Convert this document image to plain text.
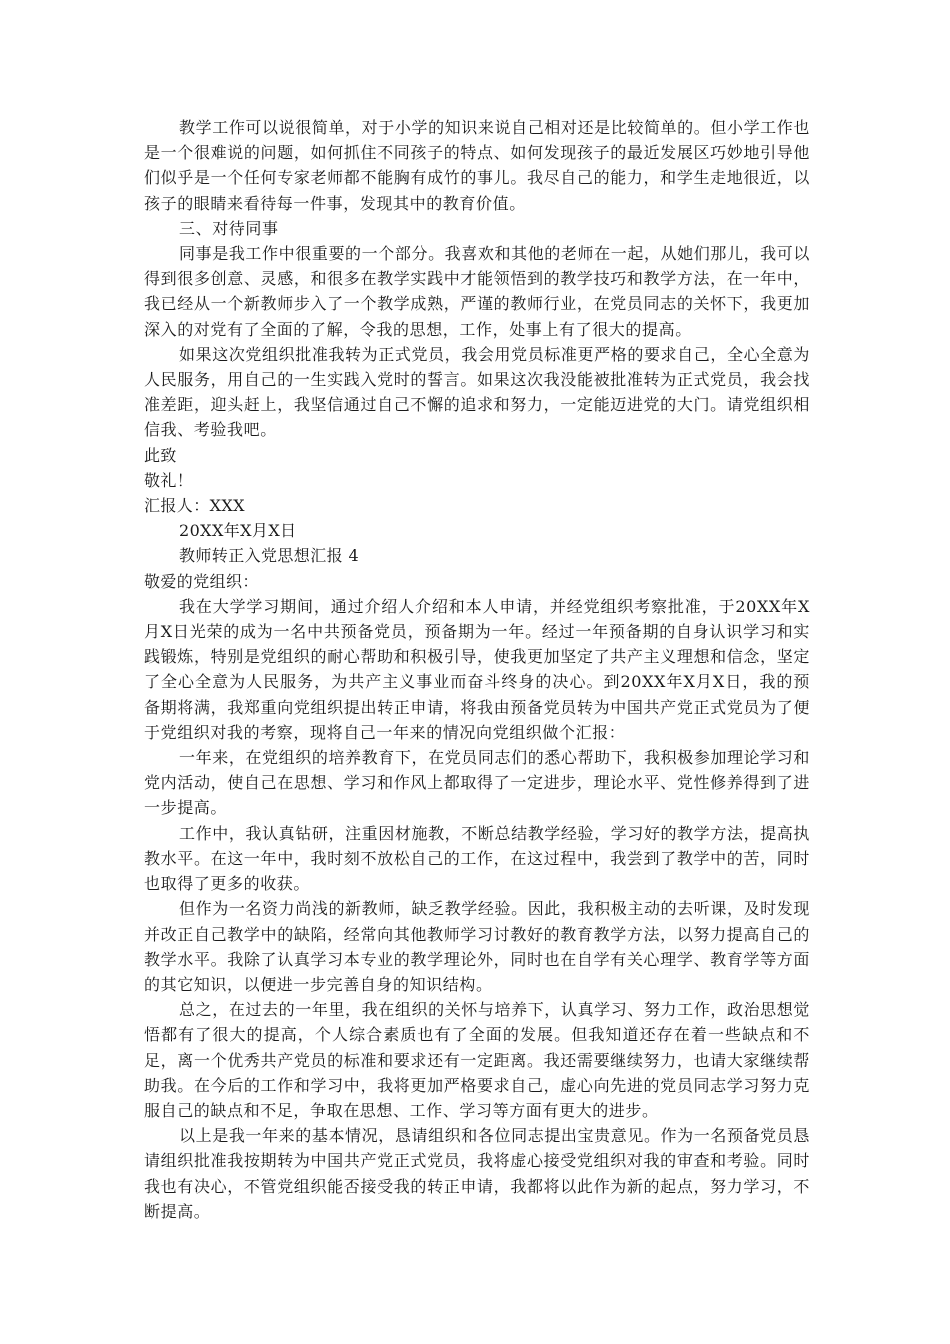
教学工作可以说很简单，对于小学的知识来说自己相对还是比较简单的。但小学工作也是一个很难说的问题，如何抓住不同孩子的特点、如何发现孩子的最近发展区巧妙地引导他们似乎是一个任何专家老师都不能胸有成竹的事儿。我尽自己的能力，和学生走地很近，以孩子的眼睛来看待每一件事，发现其中的教育价值。

三、对待同事

同事是我工作中很重要的一个部分。我喜欢和其他的老师在一起，从她们那儿，我可以得到很多创意、灵感，和很多在教学实践中才能领悟到的教学技巧和教学方法，在一年中，我已经从一个新教师步入了一个教学成熟，严谨的教师行业，在党员同志的关怀下，我更加深入的对党有了全面的了解，令我的思想，工作，处事上有了很大的提高。

如果这次党组织批准我转为正式党员，我会用党员标准更严格的要求自己，全心全意为人民服务，用自己的一生实践入党时的誓言。如果这次我没能被批准转为正式党员，我会找准差距，迎头赶上，我坚信通过自己不懈的追求和努力，一定能迈进党的大门。请党组织相信我、考验我吧。

此致

敬礼！

汇报人：XXX

20XX年X月X日

教师转正入党思想汇报 4

敬爱的党组织：

我在大学学习期间，通过介绍人介绍和本人申请，并经党组织考察批准，于20XX年X月X日光荣的成为一名中共预备党员，预备期为一年。经过一年预备期的自身认识学习和实践锻炼，特别是党组织的耐心帮助和积极引导，使我更加坚定了共产主义理想和信念，坚定了全心全意为人民服务，为共产主义事业而奋斗终身的决心。到20XX年X月X日，我的预备期将满，我郑重向党组织提出转正申请，将我由预备党员转为中国共产党正式党员为了便于党组织对我的考察，现将自己一年来的情况向党组织做个汇报：

一年来，在党组织的培养教育下，在党员同志们的悉心帮助下，我积极参加理论学习和党内活动，使自己在思想、学习和作风上都取得了一定进步，理论水平、党性修养得到了进一步提高。

工作中，我认真钻研，注重因材施教，不断总结教学经验，学习好的教学方法，提高执教水平。在这一年中，我时刻不放松自己的工作，在这过程中，我尝到了教学中的苦，同时也取得了更多的收获。

但作为一名资力尚浅的新教师，缺乏教学经验。因此，我积极主动的去听课，及时发现并改正自己教学中的缺陷，经常向其他教师学习讨教好的教育教学方法，以努力提高自己的教学水平。我除了认真学习本专业的教学理论外，同时也在自学有关心理学、教育学等方面的其它知识，以便进一步完善自身的知识结构。

总之，在过去的一年里，我在组织的关怀与培养下，认真学习、努力工作，政治思想觉悟都有了很大的提高，个人综合素质也有了全面的发展。但我知道还存在着一些缺点和不足，离一个优秀共产党员的标准和要求还有一定距离。我还需要继续努力，也请大家继续帮助我。在今后的工作和学习中，我将更加严格要求自己，虚心向先进的党员同志学习努力克服自己的缺点和不足，争取在思想、工作、学习等方面有更大的进步。

以上是我一年来的基本情况，恳请组织和各位同志提出宝贵意见。作为一名预备党员恳请组织批准我按期转为中国共产党正式党员，我将虚心接受党组织对我的审查和考验。同时我也有决心，不管党组织能否接受我的转正申请，我都将以此作为新的起点，努力学习，不断提高。
